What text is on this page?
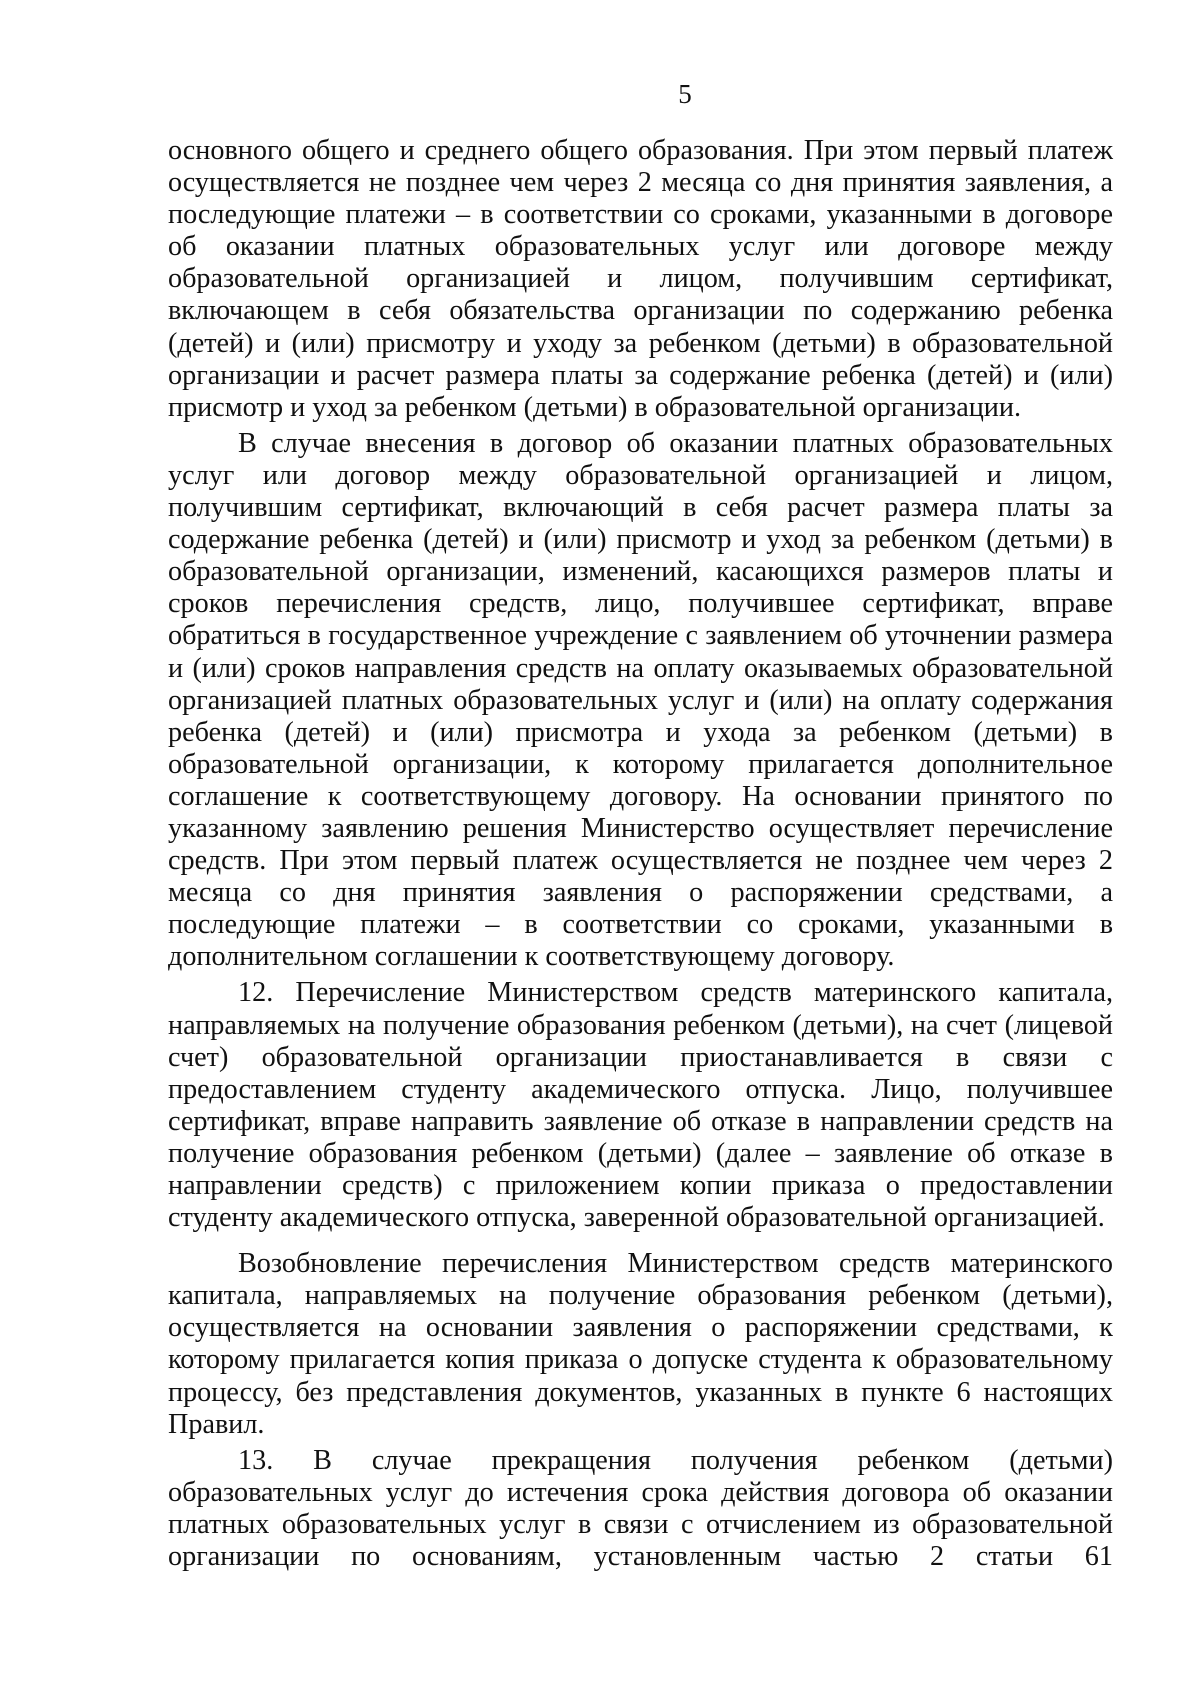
5

основного общего и среднего общего образования. При этом первый платеж осуществляется не позднее чем через 2 месяца со дня принятия заявления, а последующие платежи – в соответствии со сроками, указанными в договоре об оказании платных образовательных услуг или договоре между образовательной организацией и лицом, получившим сертификат, включающем в себя обязательства организации по содержанию ребенка (детей) и (или) присмотру и уходу за ребенком (детьми) в образовательной организации и расчет размера платы за содержание ребенка (детей) и (или) присмотр и уход за ребенком (детьми) в образовательной организации.

В случае внесения в договор об оказании платных образовательных услуг или договор между образовательной организацией и лицом, получившим сертификат, включающий в себя расчет размера платы за содержание ребенка (детей) и (или) присмотр и уход за ребенком (детьми) в образовательной организации, изменений, касающихся размеров платы и сроков перечисления средств, лицо, получившее сертификат, вправе обратиться в государственное учреждение с заявлением об уточнении размера и (или) сроков направления средств на оплату оказываемых образовательной организацией платных образовательных услуг и (или) на оплату содержания ребенка (детей) и (или) присмотра и ухода за ребенком (детьми) в образовательной организации, к которому прилагается дополнительное соглашение к соответствующему договору. На основании принятого по указанному заявлению решения Министерство осуществляет перечисление средств. При этом первый платеж осуществляется не позднее чем через 2 месяца со дня принятия заявления о распоряжении средствами, а последующие платежи – в соответствии со сроками, указанными в дополнительном соглашении к соответствующему договору.

12. Перечисление Министерством средств материнского капитала, направляемых на получение образования ребенком (детьми), на счет (лицевой счет) образовательной организации приостанавливается в связи с предоставлением студенту академического отпуска. Лицо, получившее сертификат, вправе направить заявление об отказе в направлении средств на получение образования ребенком (детьми) (далее – заявление об отказе в направлении средств) с приложением копии приказа о предоставлении студенту академического отпуска, заверенной образовательной организацией.

Возобновление перечисления Министерством средств материнского капитала, направляемых на получение образования ребенком (детьми), осуществляется на основании заявления о распоряжении средствами, к которому прилагается копия приказа о допуске студента к образовательному процессу, без представления документов, указанных в пункте 6 настоящих Правил.

13. В случае прекращения получения ребенком (детьми) образовательных услуг до истечения срока действия договора об оказании платных образовательных услуг в связи с отчислением из образовательной организации по основаниям, установленным частью 2 статьи 61
